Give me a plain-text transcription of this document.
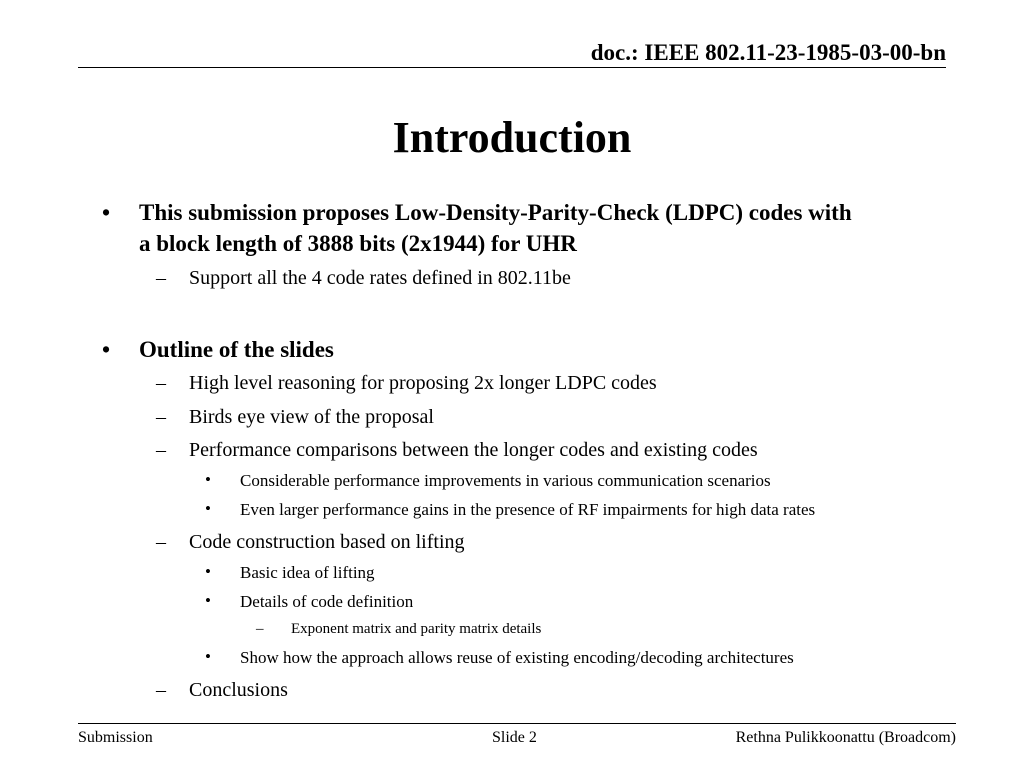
doc.: IEEE 802.11-23-1985-03-00-bn
Introduction
• This submission proposes Low-Density-Parity-Check (LDPC) codes with
a block length of 3888 bits (2x1944) for UHR
– Support all the 4 code rates defined in 802.11be
• Outline of the slides
– High level reasoning for proposing 2x longer LDPC codes
– Birds eye view of the proposal
– Performance comparisons between the longer codes and existing codes
• Considerable performance improvements in various communication scenarios
• Even larger performance gains in the presence of RF impairments for high data rates
– Code construction based on lifting
• Basic idea of lifting
• Details of code definition
– Exponent matrix and parity matrix details
• Show how the approach allows reuse of existing encoding/decoding architectures
– Conclusions
Submission	Slide 2	Rethna Pulikkoonattu (Broadcom)
